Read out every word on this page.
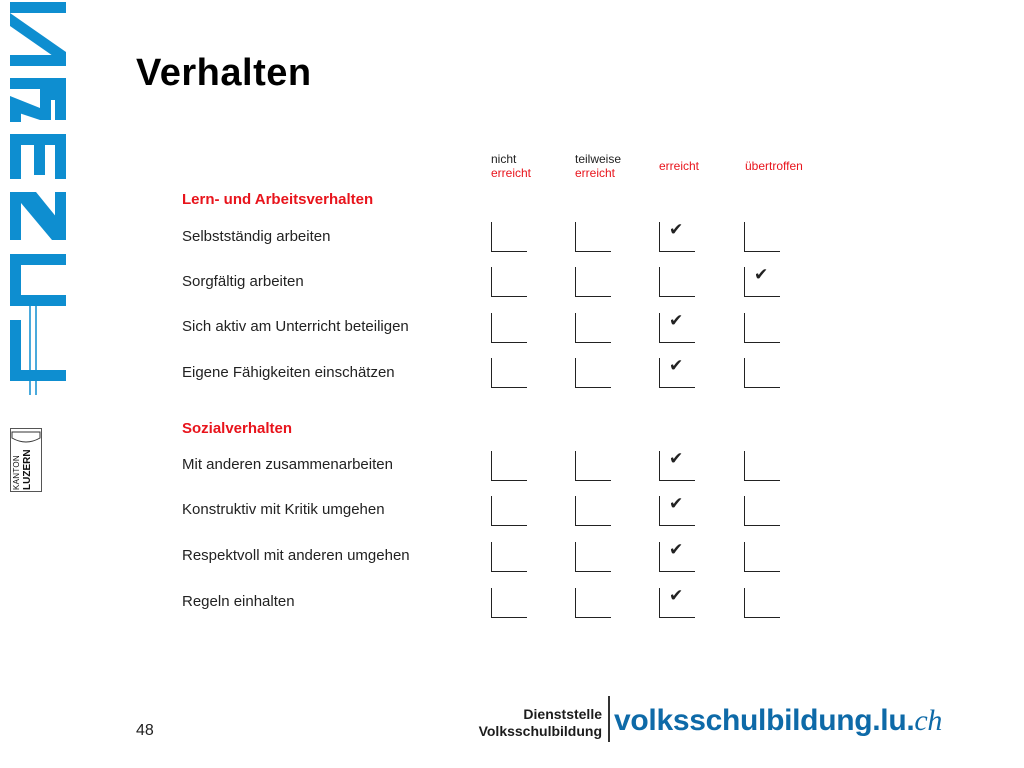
KANTON LUZERN
Verhalten
nicht
erreicht
teilweise
erreicht	erreicht	übertroffen
Lern- und Arbeitsverhalten
Selbstständig arbeiten
Sorgfältig arbeiten
Sich aktiv am Unterricht beteiligen
Eigene Fähigkeiten einschätzen
Sozialverhalten
Mit anderen zusammenarbeiten
Konstruktiv mit Kritik umgehen
Respektvoll mit anderen umgehen
Regeln einhalten
✔
✔
✔
✔
✔
✔
✔
✔
48
Dienststelle
Volksschulbildung volksschulbildung.lu.ch
